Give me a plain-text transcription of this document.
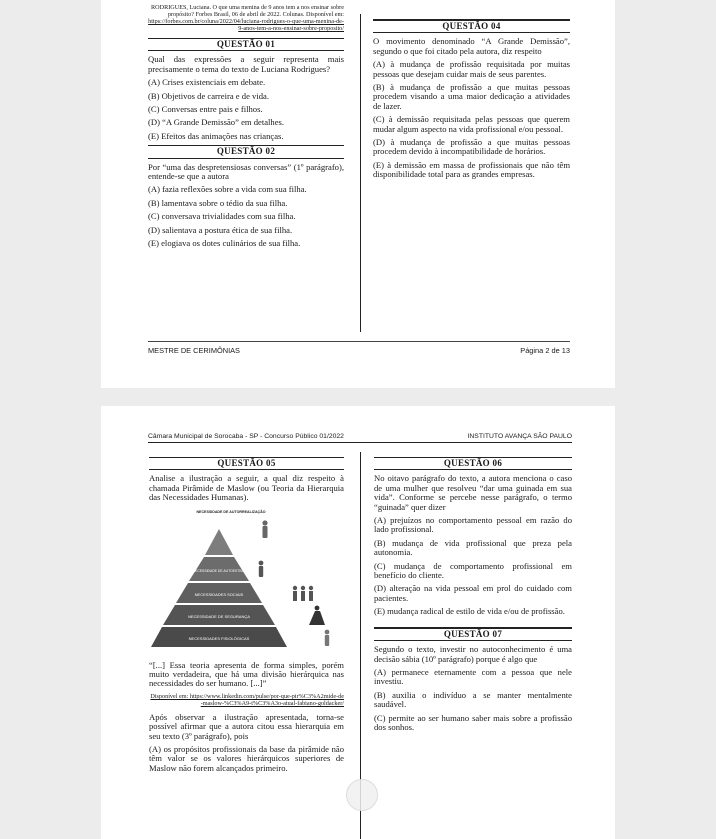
RODRIGUES, Luciana. O que uma menina de 9 anos tem a nos ensinar sobre propósito? Forbes Brasil, 06 de abril de 2022. Colunas. Disponível em:
https://forbes.com.br/coluna/2022/04/luciana-rodrigues-o-que-uma-menina-de-9-anos-tem-a-nos-ensinar-sobre-proposito/
QUESTÃO 01
Qual das expressões a seguir representa mais precisamente o tema do texto de Luciana Rodrigues?
(A) Crises existenciais em debate.
(B) Objetivos de carreira e de vida.
(C) Conversas entre pais e filhos.
(D) “A Grande Demissão” em detalhes.
(E) Efeitos das animações nas crianças.
QUESTÃO 02
Por “uma das despretensiosas conversas” (1º parágrafo), entende-se que a autora
(A) fazia reflexões sobre a vida com sua filha.
(B) lamentava sobre o tédio da sua filha.
(C) conversava trivialidades com sua filha.
(D) salientava a postura ética de sua filha.
(E) elogiava os dotes culinários de sua filha.
QUESTÃO 04
O movimento denominado “A Grande Demissão”, segundo o que foi citado pela autora, diz respeito
(A) à mudança de profissão requisitada por muitas pessoas que desejam cuidar mais de seus parentes.
(B) à mudança de profissão a que muitas pessoas procedem visando a uma maior dedicação a atividades de lazer.
(C) à demissão requisitada pelas pessoas que querem mudar algum aspecto na vida profissional e/ou pessoal.
(D) à mudança de profissão a que muitas pessoas procedem devido à incompatibilidade de horários.
(E) à demissão em massa de profissionais que não têm disponibilidade total para as grandes empresas.
MESTRE DE CERIMÔNIAS	Página 2 de 13
Câmara Municipal de Sorocaba - SP - Concurso Público 01/2022	INSTITUTO AVANÇA SÃO PAULO
QUESTÃO 05
Analise a ilustração a seguir, a qual diz respeito à chamada Pirâmide de Maslow (ou Teoria da Hierarquia das Necessidades Humanas).
NECESSIDADE DE AUTORREALIZAÇÃO
NECESSIDADE DE AUTOESTIMA
NECESSIDADES SOCIAIS
NECESSIDADE DE SEGURANÇA
NECESSIDADES FISIOLÓGICAS
“[...] Essa teoria apresenta de forma simples, porém muito verdadeira, que há uma divisão hierárquica nas necessidades do ser humano. [...]”
Disponível em: https://www.linkedin.com/pulse/por-que-pir%C3%A2mide-de-maslow-%C3%A9-t%C3%A3o-atual-fabiano-goldacker/
Após observar a ilustração apresentada, torna-se possível afirmar que a autora citou essa hierarquia em seu texto (3º parágrafo), pois
(A) os propósitos profissionais da base da pirâmide não têm valor se os valores hierárquicos superiores de Maslow não forem alcançados primeiro.
QUESTÃO 06
No oitavo parágrafo do texto, a autora menciona o caso de uma mulher que resolveu “dar uma guinada em sua vida”. Conforme se percebe nesse parágrafo, o termo “guinada” quer dizer
(A) prejuízos no comportamento pessoal em razão do lado profissional.
(B) mudança de vida profissional que preza pela autonomia.
(C) mudança de comportamento profissional em benefício do cliente.
(D) alteração na vida pessoal em prol do cuidado com pacientes.
(E) mudança radical de estilo de vida e/ou de profissão.
QUESTÃO 07
Segundo o texto, investir no autoconhecimento é uma decisão sábia (10º parágrafo) porque é algo que
(A) permanece eternamente com a pessoa que nele investiu.
(B) auxilia o indivíduo a se manter mentalmente saudável.
(C) permite ao ser humano saber mais sobre a profissão dos sonhos.
